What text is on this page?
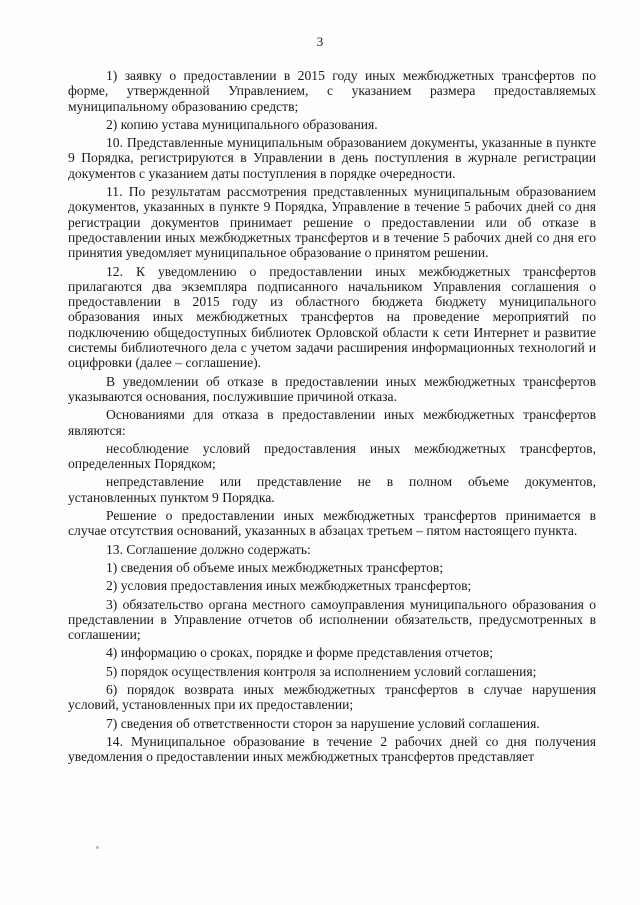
3

1) заявку о предоставлении в 2015 году иных межбюджетных трансфертов по форме, утвержденной Управлением, с указанием размера предоставляемых муниципальному образованию средств;

2) копию устава муниципального образования.

10. Представленные муниципальным образованием документы, указанные в пункте 9 Порядка, регистрируются в Управлении в день поступления в журнале регистрации документов с указанием даты поступления в порядке очередности.

11. По результатам рассмотрения представленных муниципальным образованием документов, указанных в пункте 9 Порядка, Управление в течение 5 рабочих дней со дня регистрации документов принимает решение о предоставлении или об отказе в предоставлении иных межбюджетных трансфертов и в течение 5 рабочих дней со дня его принятия уведомляет муниципальное образование о принятом решении.

12. К уведомлению о предоставлении иных межбюджетных трансфертов прилагаются два экземпляра подписанного начальником Управления соглашения о предоставлении в 2015 году из областного бюджета бюджету муниципального образования иных межбюджетных трансфертов на проведение мероприятий по подключению общедоступных библиотек Орловской области к сети Интернет и развитие системы библиотечного дела с учетом задачи расширения информационных технологий и оцифровки (далее – соглашение).

В уведомлении об отказе в предоставлении иных межбюджетных трансфертов указываются основания, послужившие причиной отказа.

Основаниями для отказа в предоставлении иных межбюджетных трансфертов являются:

несоблюдение условий предоставления иных межбюджетных трансфертов, определенных Порядком;

непредставление или представление не в полном объеме документов, установленных пунктом 9 Порядка.

Решение о предоставлении иных межбюджетных трансфертов принимается в случае отсутствия оснований, указанных в абзацах третьем – пятом настоящего пункта.

13. Соглашение должно содержать:

1) сведения об объеме иных межбюджетных трансфертов;

2) условия предоставления иных межбюджетных трансфертов;

3) обязательство органа местного самоуправления муниципального образования о представлении в Управление отчетов об исполнении обязательств, предусмотренных в соглашении;

4) информацию о сроках, порядке и форме представления отчетов;

5) порядок осуществления контроля за исполнением условий соглашения;

6) порядок возврата иных межбюджетных трансфертов в случае нарушения условий, установленных при их предоставлении;

7) сведения об ответственности сторон за нарушение условий соглашения.

14. Муниципальное образование в течение 2 рабочих дней со дня получения уведомления о предоставлении иных межбюджетных трансфертов представляет
